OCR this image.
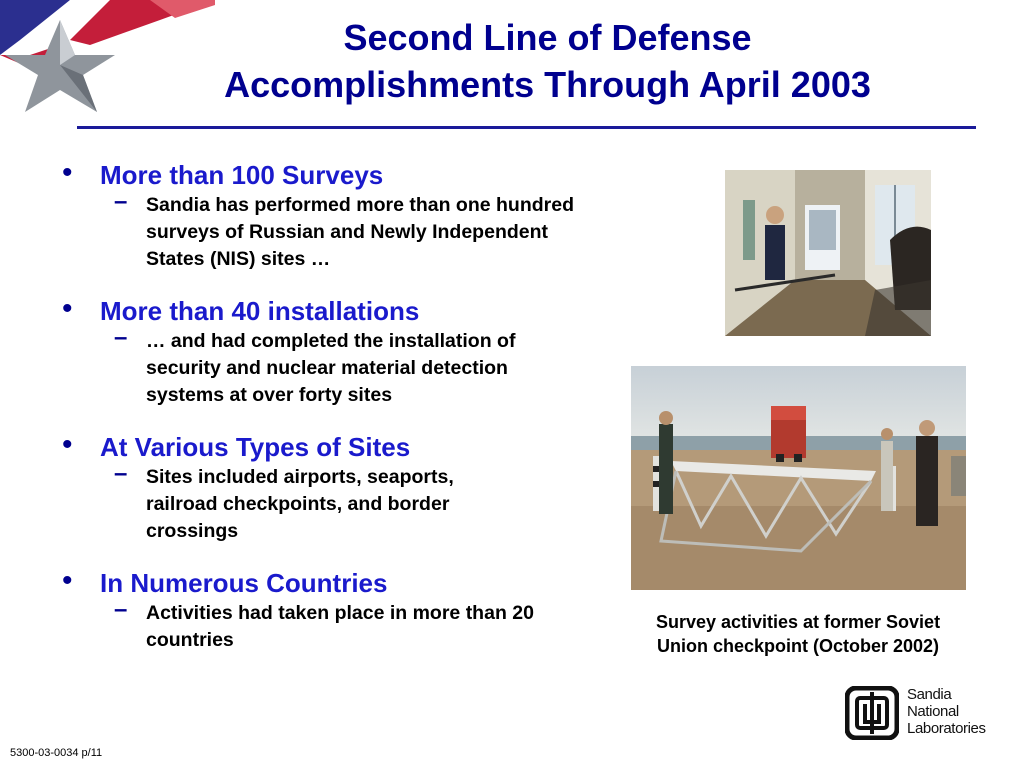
Second Line of Defense
Accomplishments Through April 2003
• More than 100 Surveys
– Sandia has performed more than one hundred surveys of Russian and Newly Independent States (NIS) sites …
• More than 40 installations
– … and had completed the installation of security and nuclear material detection systems at over forty sites
• At Various Types of Sites
– Sites included airports, seaports, railroad checkpoints, and border crossings
• In Numerous Countries
– Activities had taken place in more than 20 countries
Survey activities at former Soviet
Union checkpoint (October 2002)
Sandia
National
Laboratories
5300-03-0034 p/11
